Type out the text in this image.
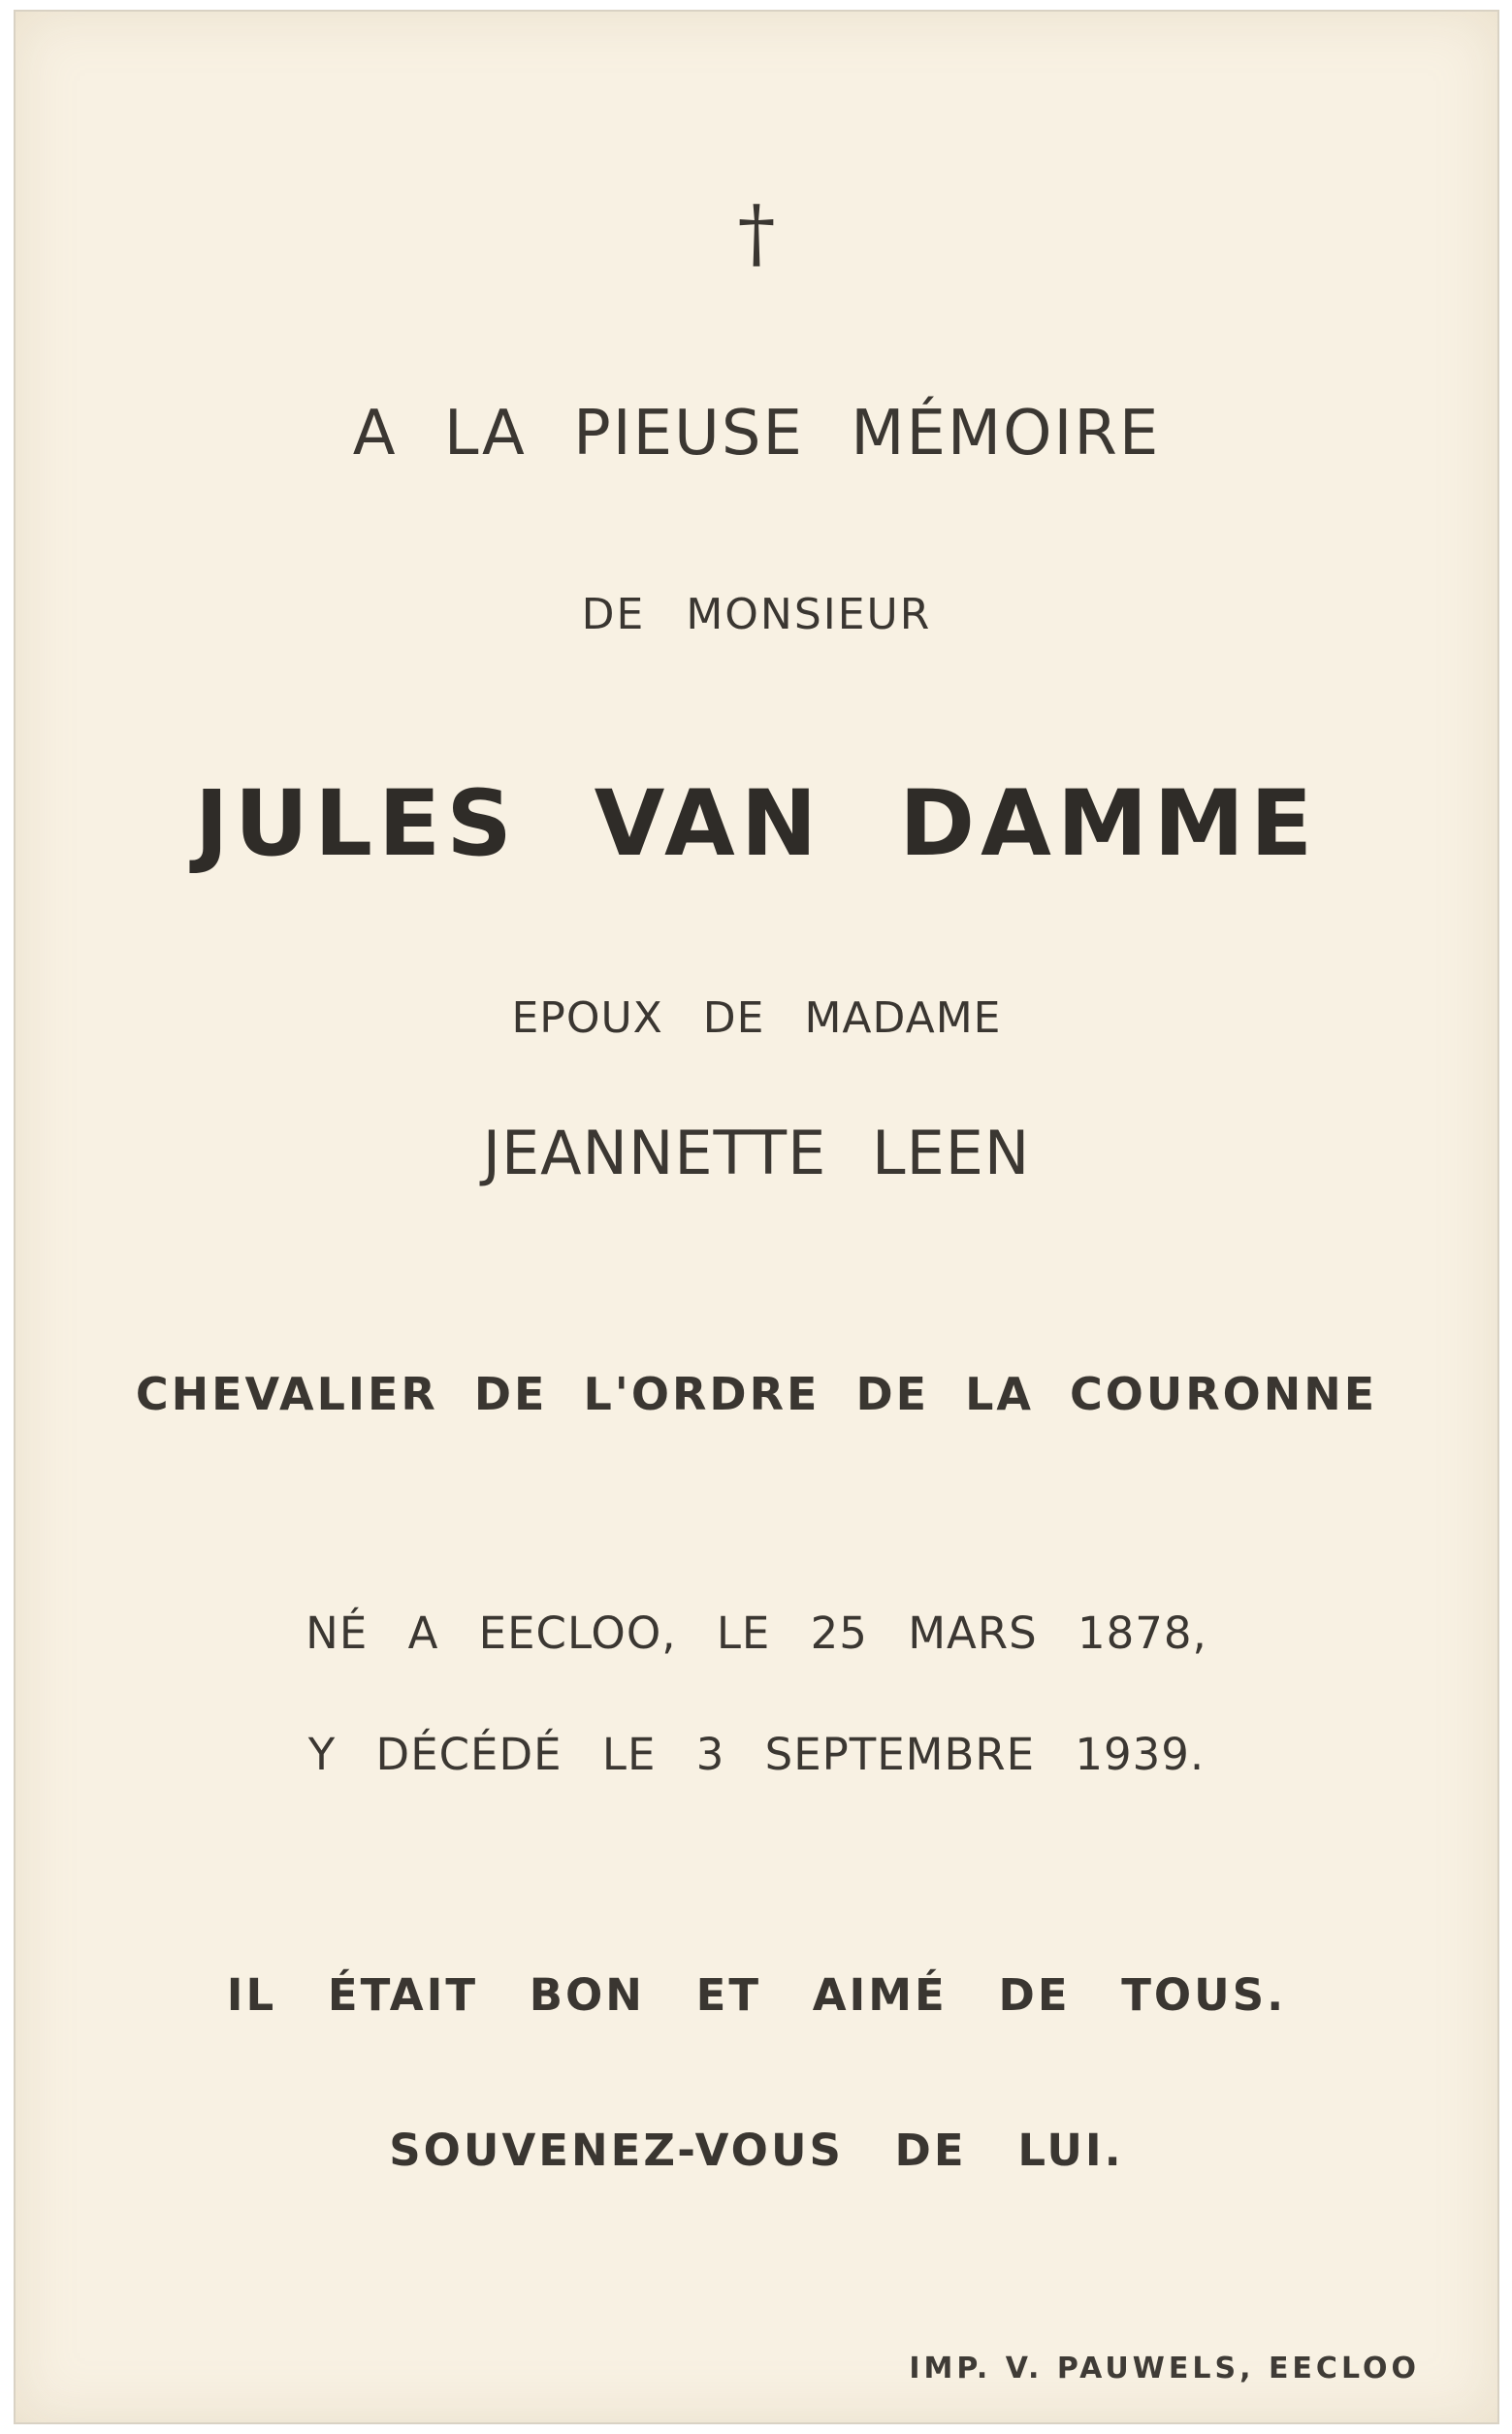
†
A LA PIEUSE MÉMOIRE
DE MONSIEUR
JULES VAN DAMME
EPOUX DE MADAME
JEANNETTE LEEN
CHEVALIER DE L'ORDRE DE LA COURONNE
NÉ A EECLOO, LE 25 MARS 1878,
Y DÉCÉDÉ LE 3 SEPTEMBRE 1939.
IL ÉTAIT BON ET AIMÉ DE TOUS.
SOUVENEZ-VOUS DE LUI.
IMP. V. PAUWELS, EECLOO
